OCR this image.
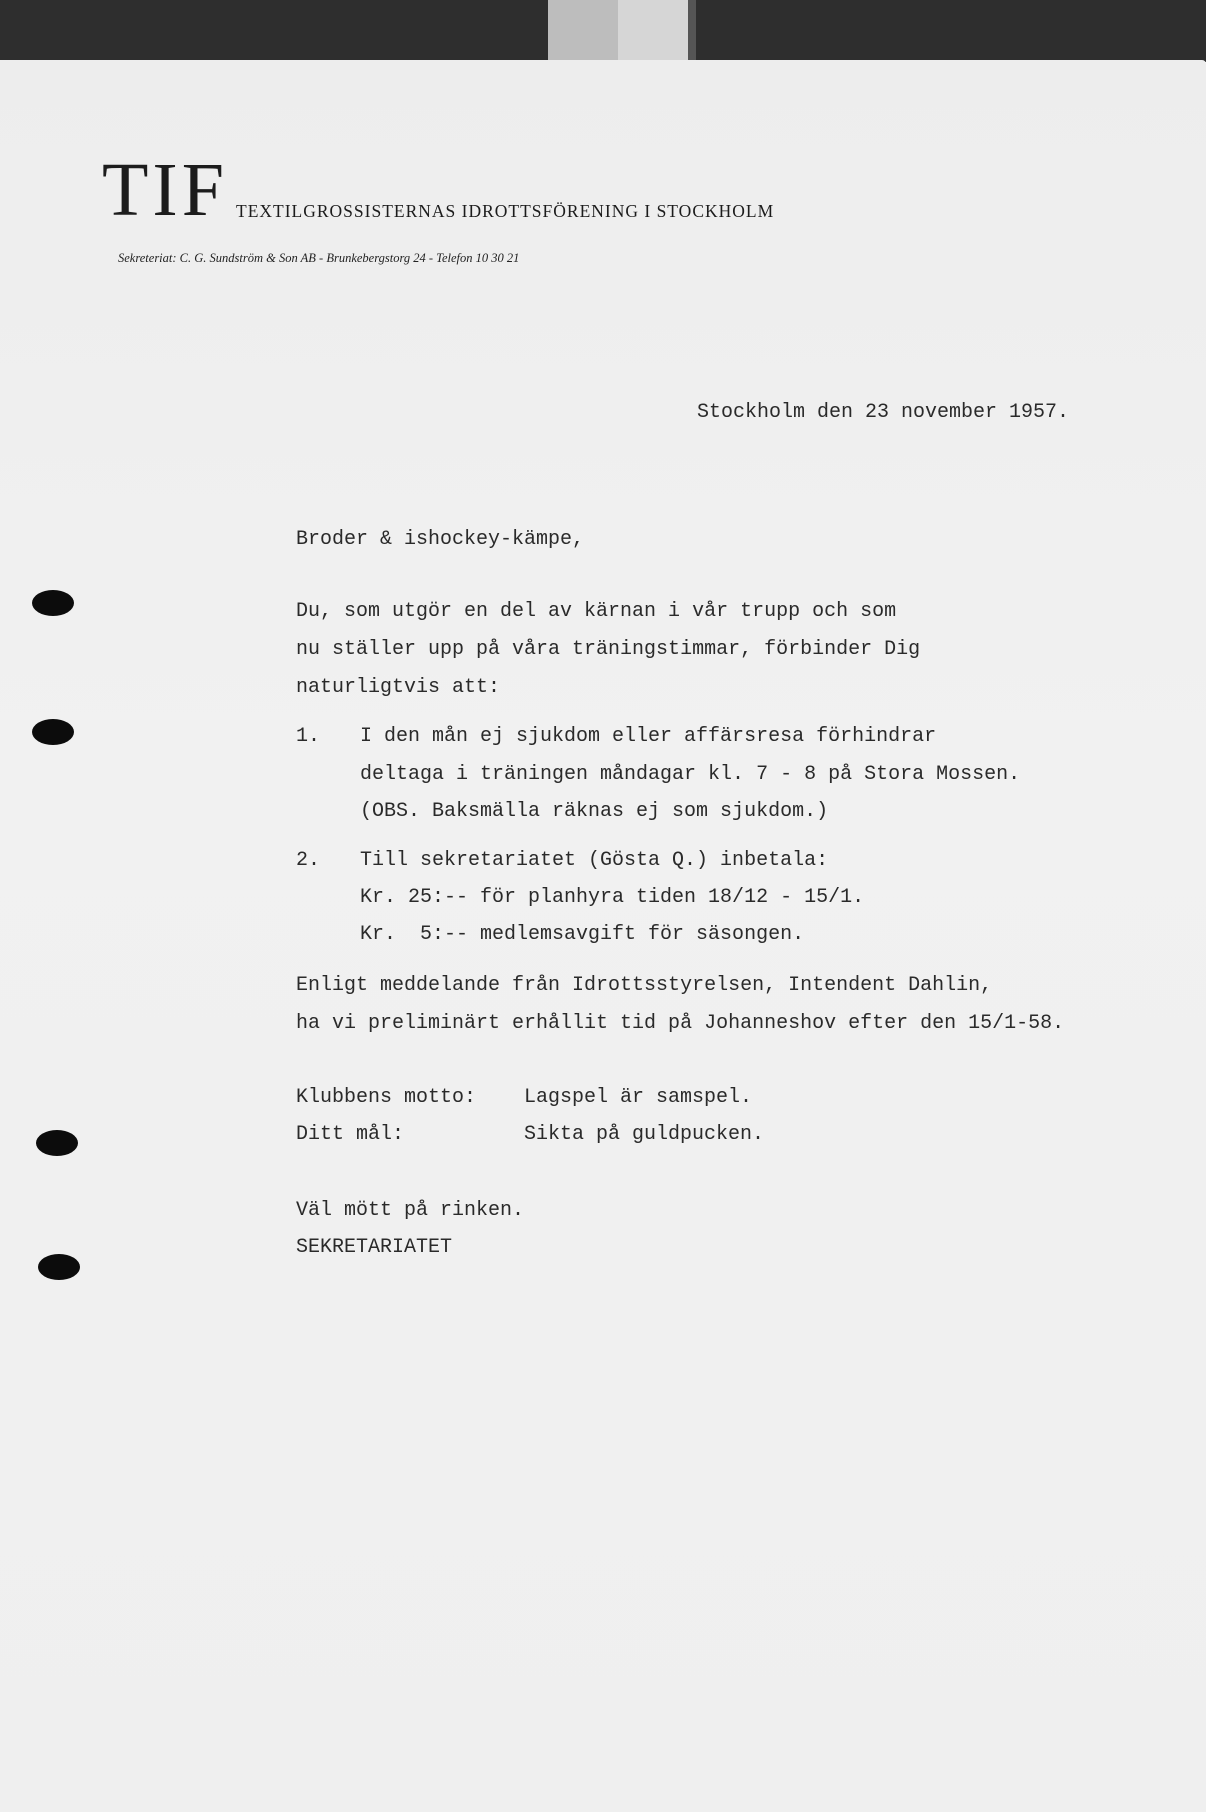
TIF TEXTILGROSSISTERNAS IDROTTSFÖRENING I STOCKHOLM
Sekreteriat: C. G. Sundström & Son AB - Brunkebergstorg 24 - Telefon 10 30 21
Stockholm den 23 november 1957.
Broder & ishockey-kämpe,
Du, som utgör en del av kärnan i vår trupp och som
nu ställer upp på våra träningstimmar, förbinder Dig
naturligtvis att:
1. I den mån ej sjukdom eller affärsresa förhindrar
deltaga i träningen måndagar kl. 7 - 8 på Stora Mossen.
(OBS. Baksmälla räknas ej som sjukdom.)
2. Till sekretariatet (Gösta Q.) inbetala:
Kr. 25:-- för planhyra tiden 18/12 - 15/1.
Kr.  5:-- medlemsavgift för säsongen.
Enligt meddelande från Idrottsstyrelsen, Intendent Dahlin,
ha vi preliminärt erhållit tid på Johanneshov efter den 15/1-58.
Klubbens motto: Lagspel är samspel.
Ditt mål:	Sikta på guldpucken.
Väl mött på rinken.
SEKRETARIATET
